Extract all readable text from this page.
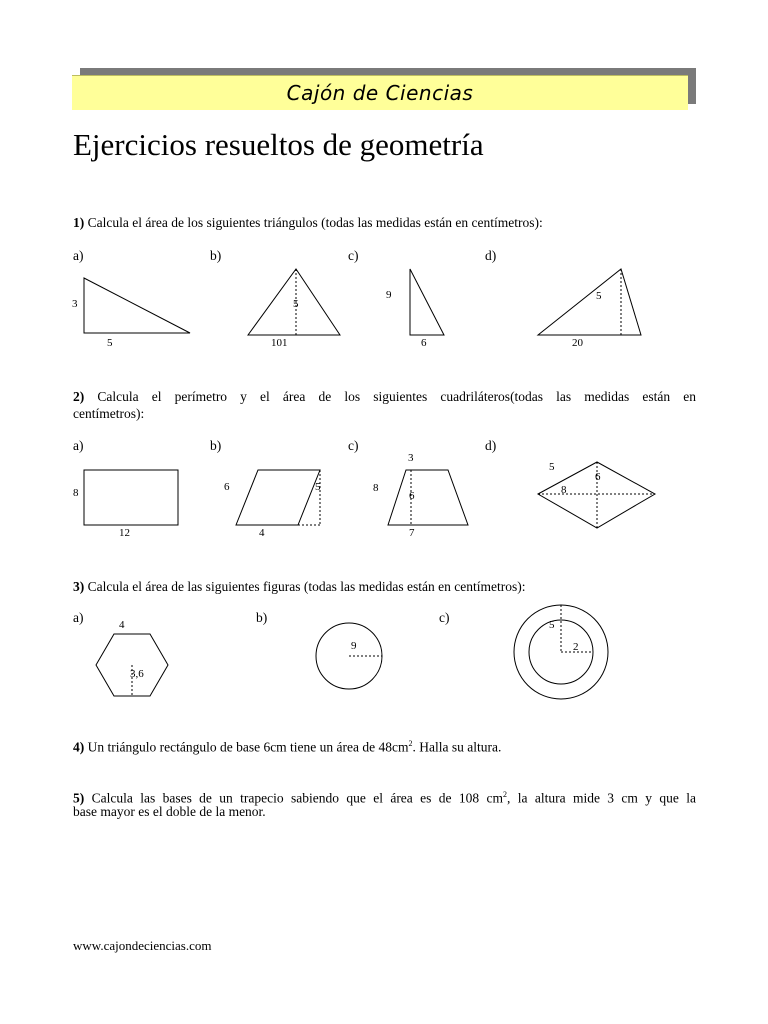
Cajón de Ciencias
Ejercicios resueltos de geometría
1) Calcula el área de los siguientes triángulos (todas las medidas están en centímetros):
a)	b)	c)	d)
2) Calcula el perímetro y el área de los siguientes cuadriláteros(todas las medidas están en
centímetros):
a)	b)	c)	d)
3) Calcula el área de las siguientes figuras (todas las medidas están en centímetros):
a)	b)	c)
4) Un triángulo rectángulo de base 6cm tiene un área de $48cm^2$. Halla su altura.
5) Calcula las bases de un trapecio sabiendo que el área es de 108 $cm^2$, la altura mide 3 cm y que la
base mayor es el doble de la menor.
3
5
5
101
9
6
5
20
8
12
6	5
4
8
6
3
7
5
6
8
4
3,6
9
5
2
www.cajondeciencias.com
